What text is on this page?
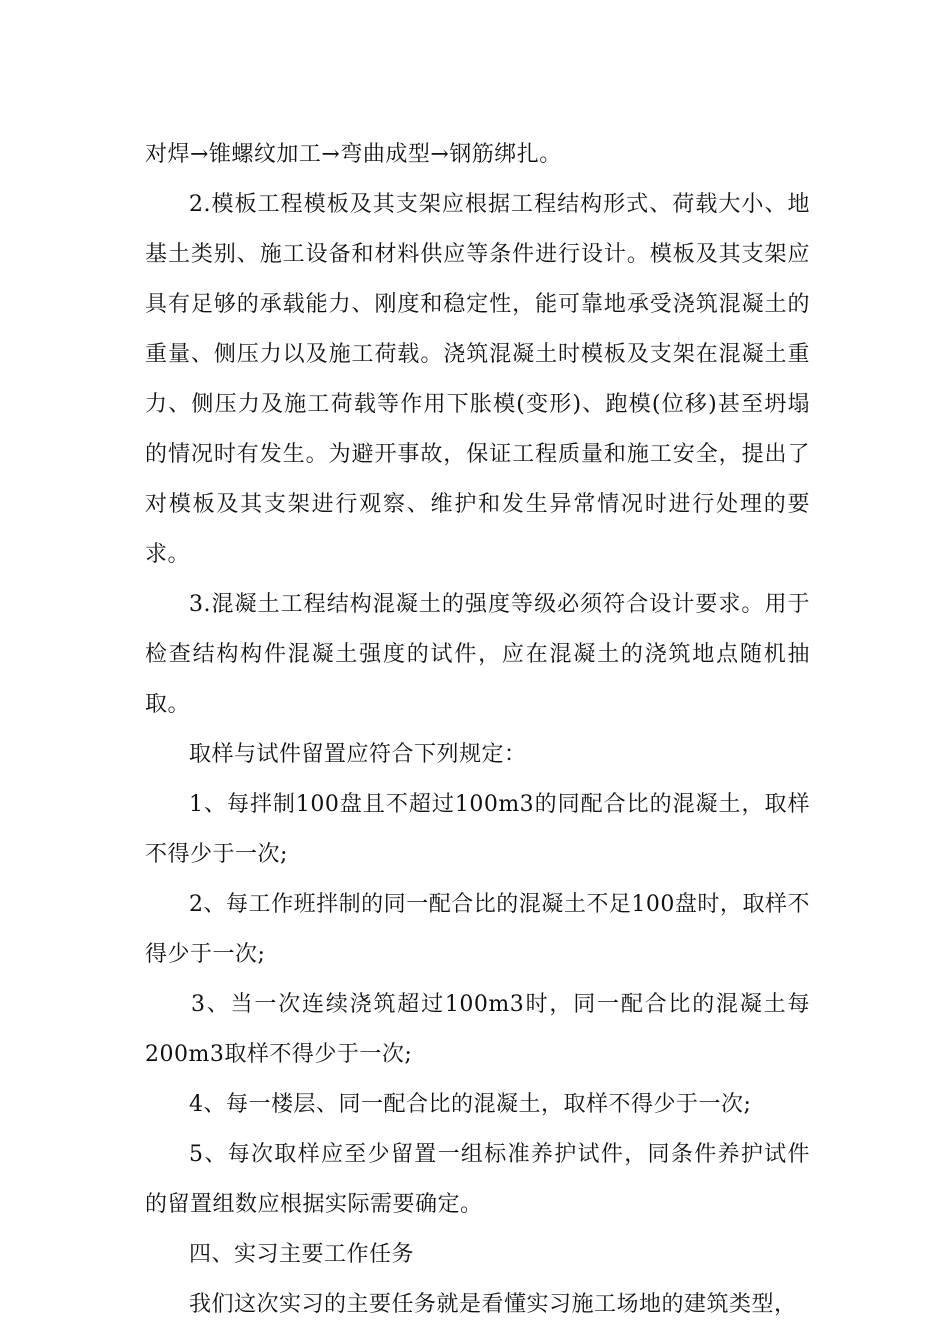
对焊→锥螺纹加工→弯曲成型→钢筋绑扎。

2.模板工程模板及其支架应根据工程结构形式、荷载大小、地基土类别、施工设备和材料供应等条件进行设计。模板及其支架应具有足够的承载能力、刚度和稳定性，能可靠地承受浇筑混凝土的重量、侧压力以及施工荷载。浇筑混凝土时模板及支架在混凝土重力、侧压力及施工荷载等作用下胀模(变形)、跑模(位移)甚至坍塌的情况时有发生。为避开事故，保证工程质量和施工安全，提出了对模板及其支架进行观察、维护和发生异常情况时进行处理的要求。

3.混凝土工程结构混凝土的强度等级必须符合设计要求。用于检查结构构件混凝土强度的试件，应在混凝土的浇筑地点随机抽取。

取样与试件留置应符合下列规定：

1、每拌制100盘且不超过100m3的同配合比的混凝土，取样不得少于一次;

2、每工作班拌制的同一配合比的混凝土不足100盘时，取样不得少于一次;

3、当一次连续浇筑超过100m3时，同一配合比的混凝土每200m3取样不得少于一次;

4、每一楼层、同一配合比的混凝土，取样不得少于一次;

5、每次取样应至少留置一组标准养护试件，同条件养护试件的留置组数应根据实际需要确定。

四、实习主要工作任务

我们这次实习的主要任务就是看懂实习施工场地的建筑类型，
